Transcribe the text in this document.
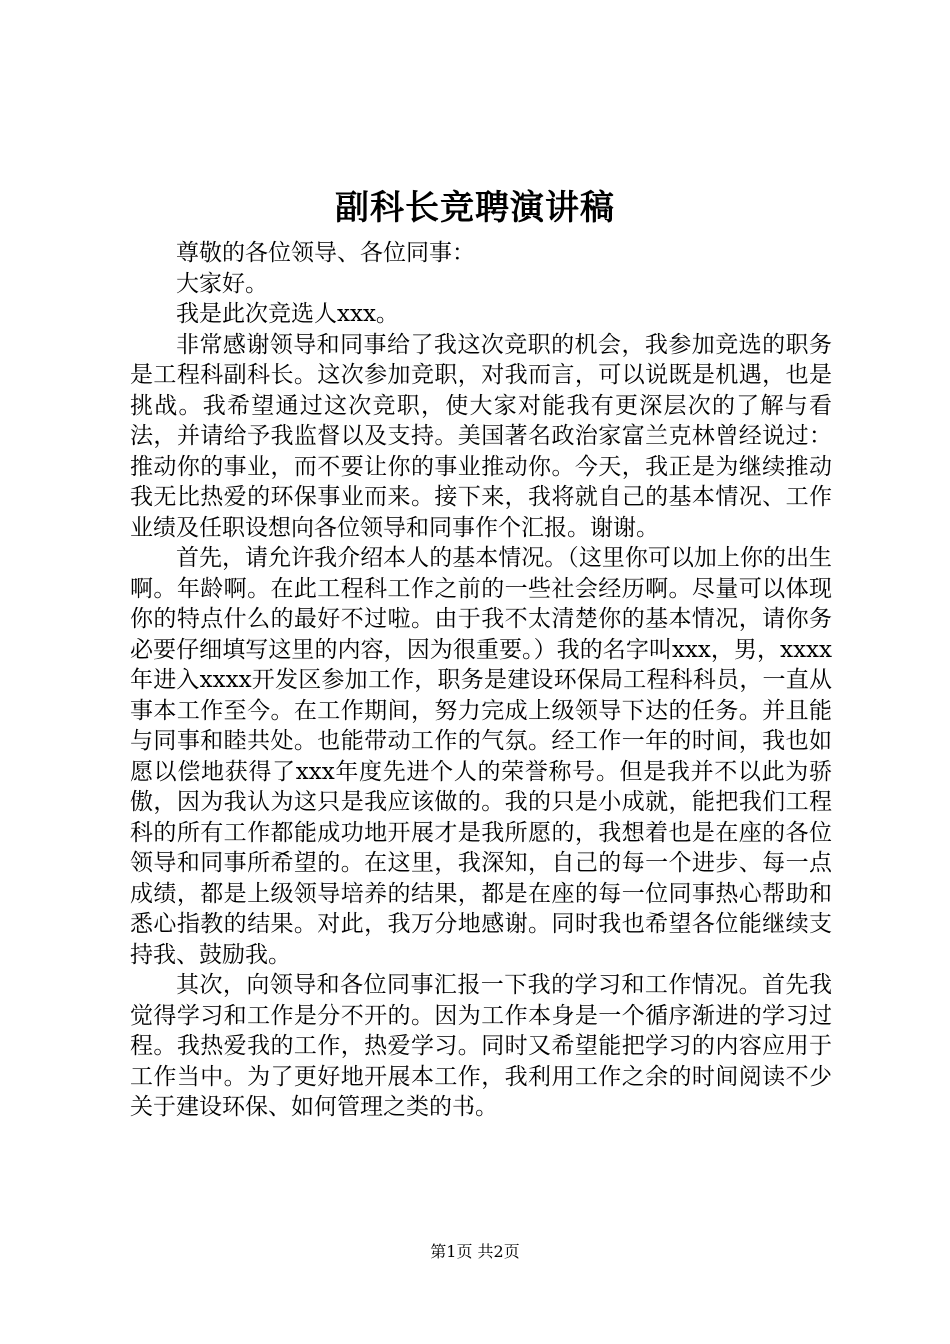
副科长竞聘演讲稿

尊敬的各位领导、各位同事：

大家好。

我是此次竞选人xxx。

非常感谢领导和同事给了我这次竞职的机会，我参加竞选的职务是工程科副科长。这次参加竞职，对我而言，可以说既是机遇，也是挑战。我希望通过这次竞职，使大家对能我有更深层次的了解与看法，并请给予我监督以及支持。美国著名政治家富兰克林曾经说过：推动你的事业，而不要让你的事业推动你。今天，我正是为继续推动我无比热爱的环保事业而来。接下来，我将就自己的基本情况、工作业绩及任职设想向各位领导和同事作个汇报。谢谢。

首先，请允许我介绍本人的基本情况。（这里你可以加上你的出生啊。年龄啊。在此工程科工作之前的一些社会经历啊。尽量可以体现你的特点什么的最好不过啦。由于我不太清楚你的基本情况，请你务必要仔细填写这里的内容，因为很重要。）我的名字叫xxx，男，xxxx年进入xxxx开发区参加工作，职务是建设环保局工程科科员，一直从事本工作至今。在工作期间，努力完成上级领导下达的任务。并且能与同事和睦共处。也能带动工作的气氛。经工作一年的时间，我也如愿以偿地获得了xxx年度先进个人的荣誉称号。但是我并不以此为骄傲，因为我认为这只是我应该做的。我的只是小成就，能把我们工程科的所有工作都能成功地开展才是我所愿的，我想着也是在座的各位领导和同事所希望的。在这里，我深知，自己的每一个进步、每一点成绩，都是上级领导培养的结果，都是在座的每一位同事热心帮助和悉心指教的结果。对此，我万分地感谢。同时我也希望各位能继续支持我、鼓励我。

其次，向领导和各位同事汇报一下我的学习和工作情况。首先我觉得学习和工作是分不开的。因为工作本身是一个循序渐进的学习过程。我热爱我的工作，热爱学习。同时又希望能把学习的内容应用于工作当中。为了更好地开展本工作，我利用工作之余的时间阅读不少关于建设环保、如何管理之类的书。

第1页 共2页
